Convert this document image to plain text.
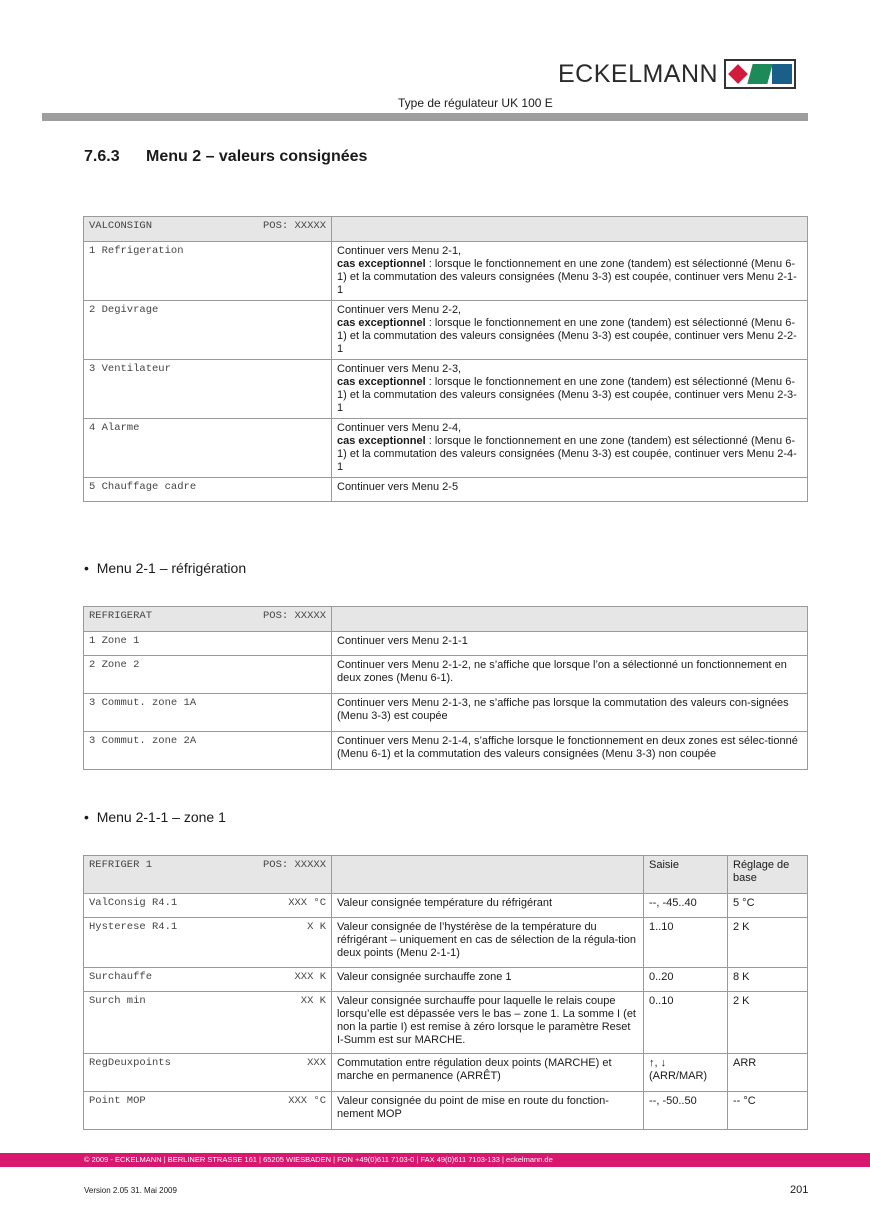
ECKELMANN
Type de régulateur UK 100 E
7.6.3 Menu 2 – valeurs consignées
VALCONSIGN POS: XXXXX	

1 Refrigeration	Continuer vers Menu 2-1,
cas exceptionnel : lorsque le fonctionnement en une zone (tandem) est sélectionné (Menu 6-1) et la commutation des valeurs consignées (Menu 3-3) est coupée, continuer vers Menu 2-1-1
2 Degivrage	Continuer vers Menu 2-2,
cas exceptionnel : lorsque le fonctionnement en une zone (tandem) est sélectionné (Menu 6-1) et la commutation des valeurs consignées (Menu 3-3) est coupée, continuer vers Menu 2-2-1
3 Ventilateur	Continuer vers Menu 2-3,
cas exceptionnel : lorsque le fonctionnement en une zone (tandem) est sélectionné (Menu 6-1) et la commutation des valeurs consignées (Menu 3-3) est coupée, continuer vers Menu 2-3-1
4 Alarme	Continuer vers Menu 2-4,
cas exceptionnel : lorsque le fonctionnement en une zone (tandem) est sélectionné (Menu 6-1) et la commutation des valeurs consignées (Menu 3-3) est coupée, continuer vers Menu 2-4-1
5 Chauffage cadre	Continuer vers Menu 2-5
•  Menu 2-1 – réfrigération
REFRIGERAT POS: XXXXX	

1 Zone 1	Continuer vers Menu 2-1-1
2 Zone 2	Continuer vers Menu 2-1-2, ne s’affiche que lorsque l’on a sélectionné un fonctionnement en deux zones (Menu 6-1).
3 Commut. zone 1A	Continuer vers Menu 2-1-3, ne s’affiche pas lorsque la commutation des valeurs con-signées (Menu 3-3) est coupée
3 Commut. zone 2A	Continuer vers Menu 2-1-4, s’affiche lorsque le fonctionnement en deux zones est sélec-tionné (Menu 6-1) et la commutation des valeurs consignées (Menu 3-3) non coupée
•  Menu 2-1-1 – zone 1
REFRIGER 1 POS: XXXXX		Saisie	Réglage de base

ValConsig R4.1 XXX °C	Valeur consignée température du réfrigérant	--, -45..40	5 °C

Hysterese R4.1 X K	Valeur consignée de l’hystérèse de la température du réfrigérant – uniquement en cas de sélection de la régula-tion deux points (Menu 2-1-1)	1..10	2 K

Surchauffe XXX K	Valeur consignée surchauffe zone 1	0..20	8 K

Surch min XX K	Valeur consignée surchauffe pour laquelle le relais coupe lorsqu’elle est dépassée vers le bas – zone 1. La somme I (et non la partie I) est remise à zéro lorsque le paramètre Reset I-Summ est sur MARCHE.	0..10	2 K

RegDeuxpoints XXX	Commutation entre régulation deux points (MARCHE) et marche en permanence (ARRÊT)	↑, ↓ (ARR/MAR)	ARR

Point MOP XXX °C	Valeur consignée du point de mise en route du fonction-nement MOP	--, -50..50	-- °C
© 2009 - ECKELMANN | BERLINER STRASSE 161 | 65205 WIESBADEN | FON +49(0)611 7103-0 | FAX 49(0)611 7103-133 | eckelmann.de
Version 2.05 31. Mai 2009	201
